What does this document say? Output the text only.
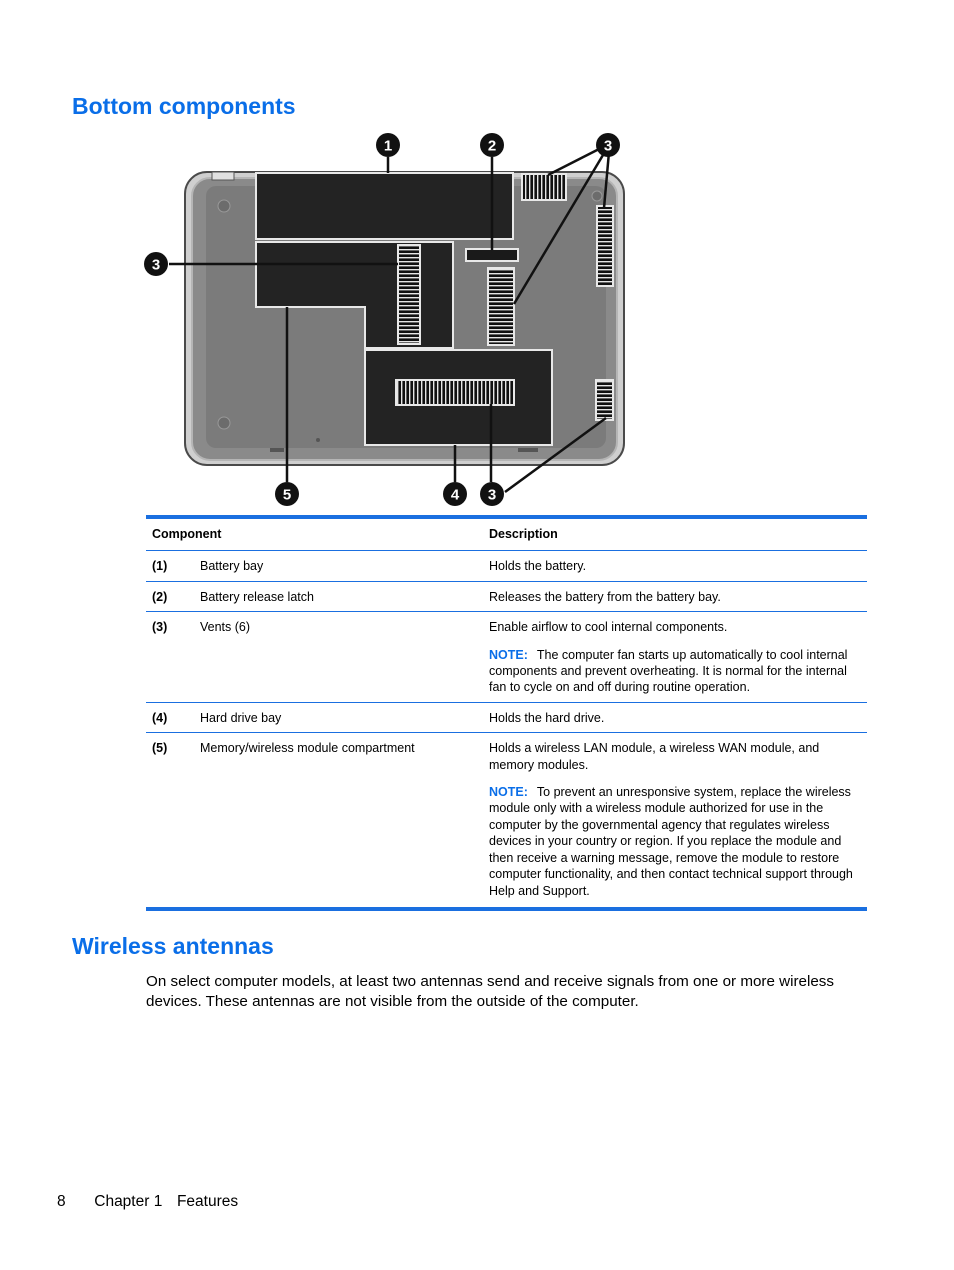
Bottom components
1	2	3
3
3
4
5
Component		Description
(1)	Battery bay	Holds the battery.
(2)	Battery release latch	Releases the battery from the battery bay.
(3)	Vents (6)	Enable airflow to cool internal components.
NOTE: The computer fan starts up automatically to cool internal components and prevent overheating. It is normal for the internal fan to cycle on and off during routine operation.

(4)	Hard drive bay	Holds the hard drive.
(5)	Memory/wireless module compartment	Holds a wireless LAN module, a wireless WAN module, and memory modules.
NOTE: To prevent an unresponsive system, replace the wireless module only with a wireless module authorized for use in the computer by the governmental agency that regulates wireless devices in your country or region. If you replace the module and then receive a warning message, remove the module to restore computer functionality, and then contact technical support through Help and Support.
Wireless antennas

On select computer models, at least two antennas send and receive signals from one or more wireless devices. These antennas are not visible from the outside of the computer.

8 Chapter 1 Features
